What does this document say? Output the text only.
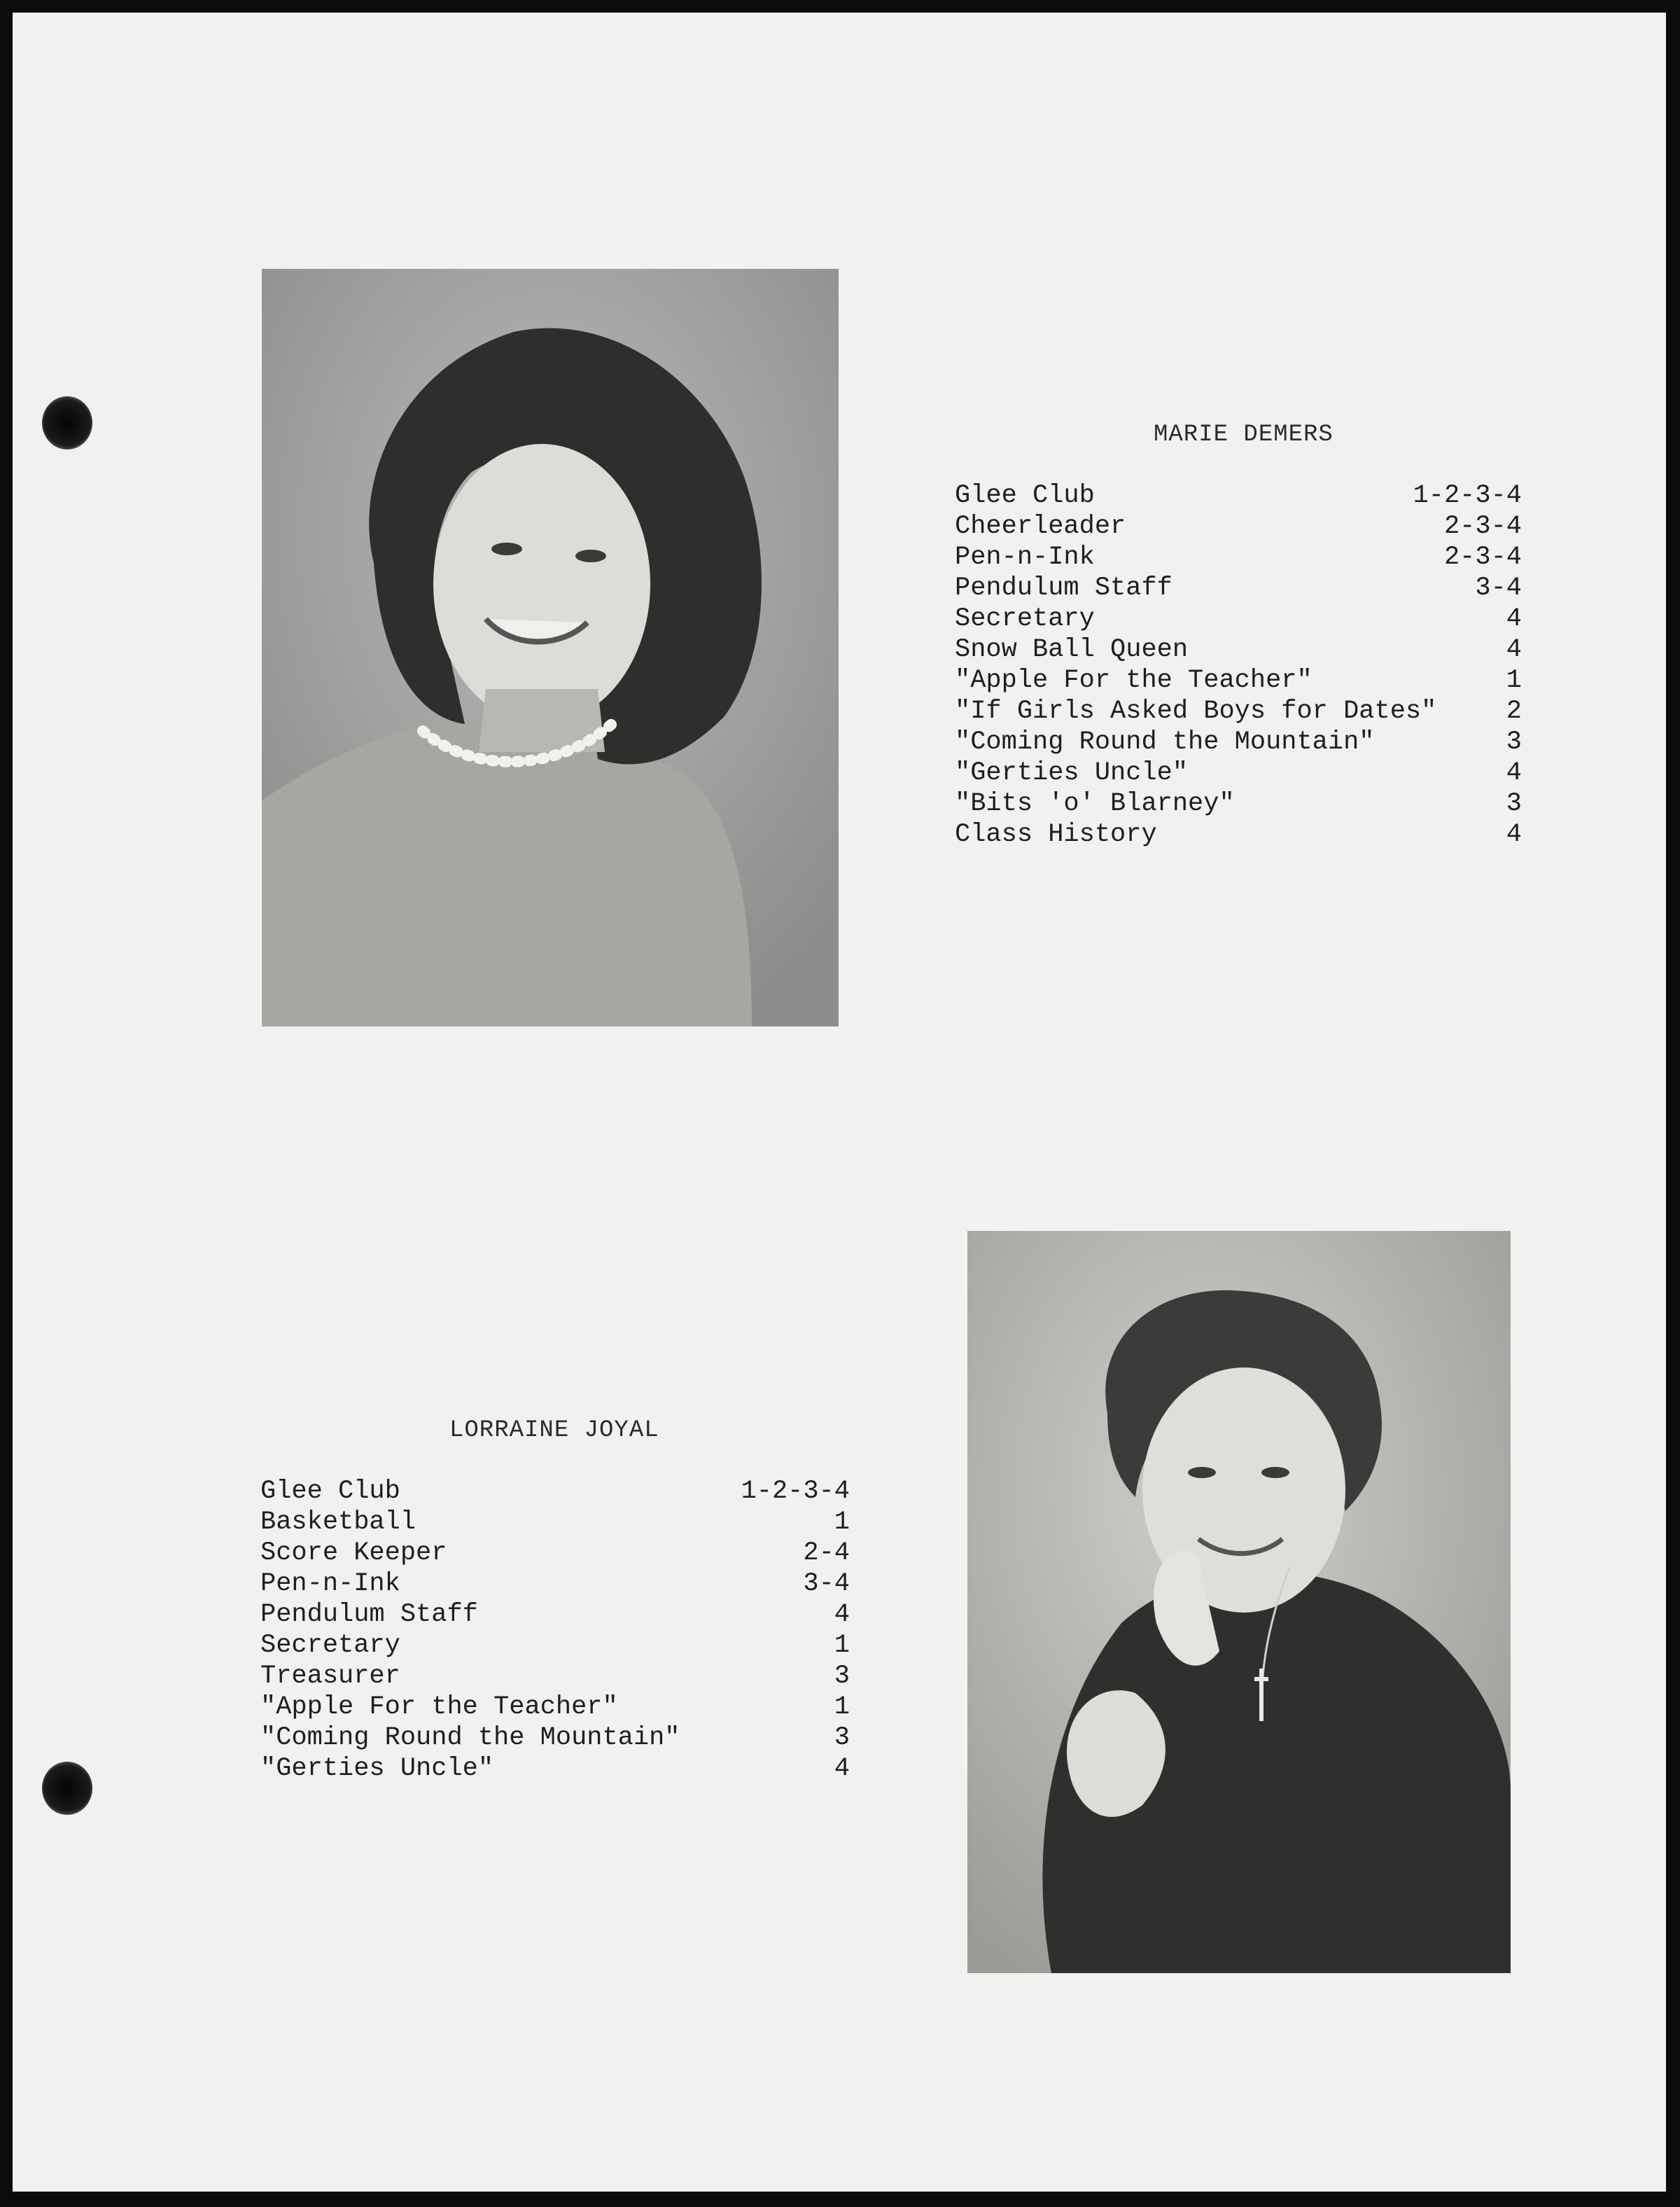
MARIE DEMERS
Glee Club	1-2-3-4
Cheerleader	2-3-4
Pen-n-Ink	2-3-4
Pendulum Staff	3-4
Secretary	4
Snow Ball Queen	4
"Apple For the Teacher"	1
"If Girls Asked Boys for Dates"	2
"Coming Round the Mountain"	3
"Gerties Uncle"	4
"Bits 'o' Blarney"	3
Class History	4
LORRAINE JOYAL
Glee Club	1-2-3-4
Basketball	1
Score Keeper	2-4
Pen-n-Ink	3-4
Pendulum Staff	4
Secretary	1
Treasurer	3
"Apple For the Teacher"	1
"Coming Round the Mountain"	3
"Gerties Uncle"	4
